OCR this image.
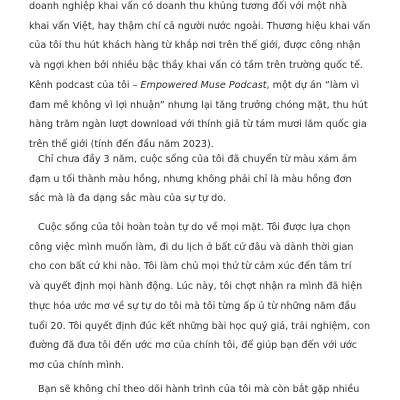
doanh nghiệp khai vấn có doanh thu khủng tương đối với một nhà
khai vấn Việt, hay thậm chí cả người nước ngoài. Thương hiệu khai vấn
của tôi thu hút khách hàng từ khắp nơi trên thế giới, được công nhận
và ngợi khen bởi nhiều bậc thầy khai vấn có tầm trên trường quốc tế.
Kênh podcast của tôi – Empowered Muse Podcast, một dự án “làm vì
đam mê không vì lợi nhuận” nhưng lại tăng trưởng chóng mặt, thu hút
hàng trăm ngàn lượt download với thính giả từ tám mươi lăm quốc gia
trên thế giới (tính đến đầu năm 2023).

Chỉ chưa đầy 3 năm, cuộc sống của tôi đã chuyển từ màu xám ảm
đạm u tối thành màu hồng, nhưng không phải chỉ là màu hồng đơn
sắc mà là đa dạng sắc màu của sự tự do.

Cuộc sống của tôi hoàn toàn tự do về mọi mặt. Tôi được lựa chọn
công việc mình muốn làm, đi du lịch ở bất cứ đâu và dành thời gian
cho con bất cứ khi nào. Tôi làm chủ mọi thứ từ cảm xúc đến tâm trí
và quyết định mọi hành động. Lúc này, tôi chợt nhận ra mình đã hiện
thực hóa ước mơ về sự tự do tôi mà tôi từng ấp ủ từ những năm đầu
tuổi 20. Tôi quyết định đúc kết những bài học quý giá, trải nghiệm, con
đường đã đưa tôi đến ước mơ của chính tôi, để giúp bạn đến với ước
mơ của chính mình.

Bạn sẽ không chỉ theo dõi hành trình của tôi mà còn bắt gặp nhiều
